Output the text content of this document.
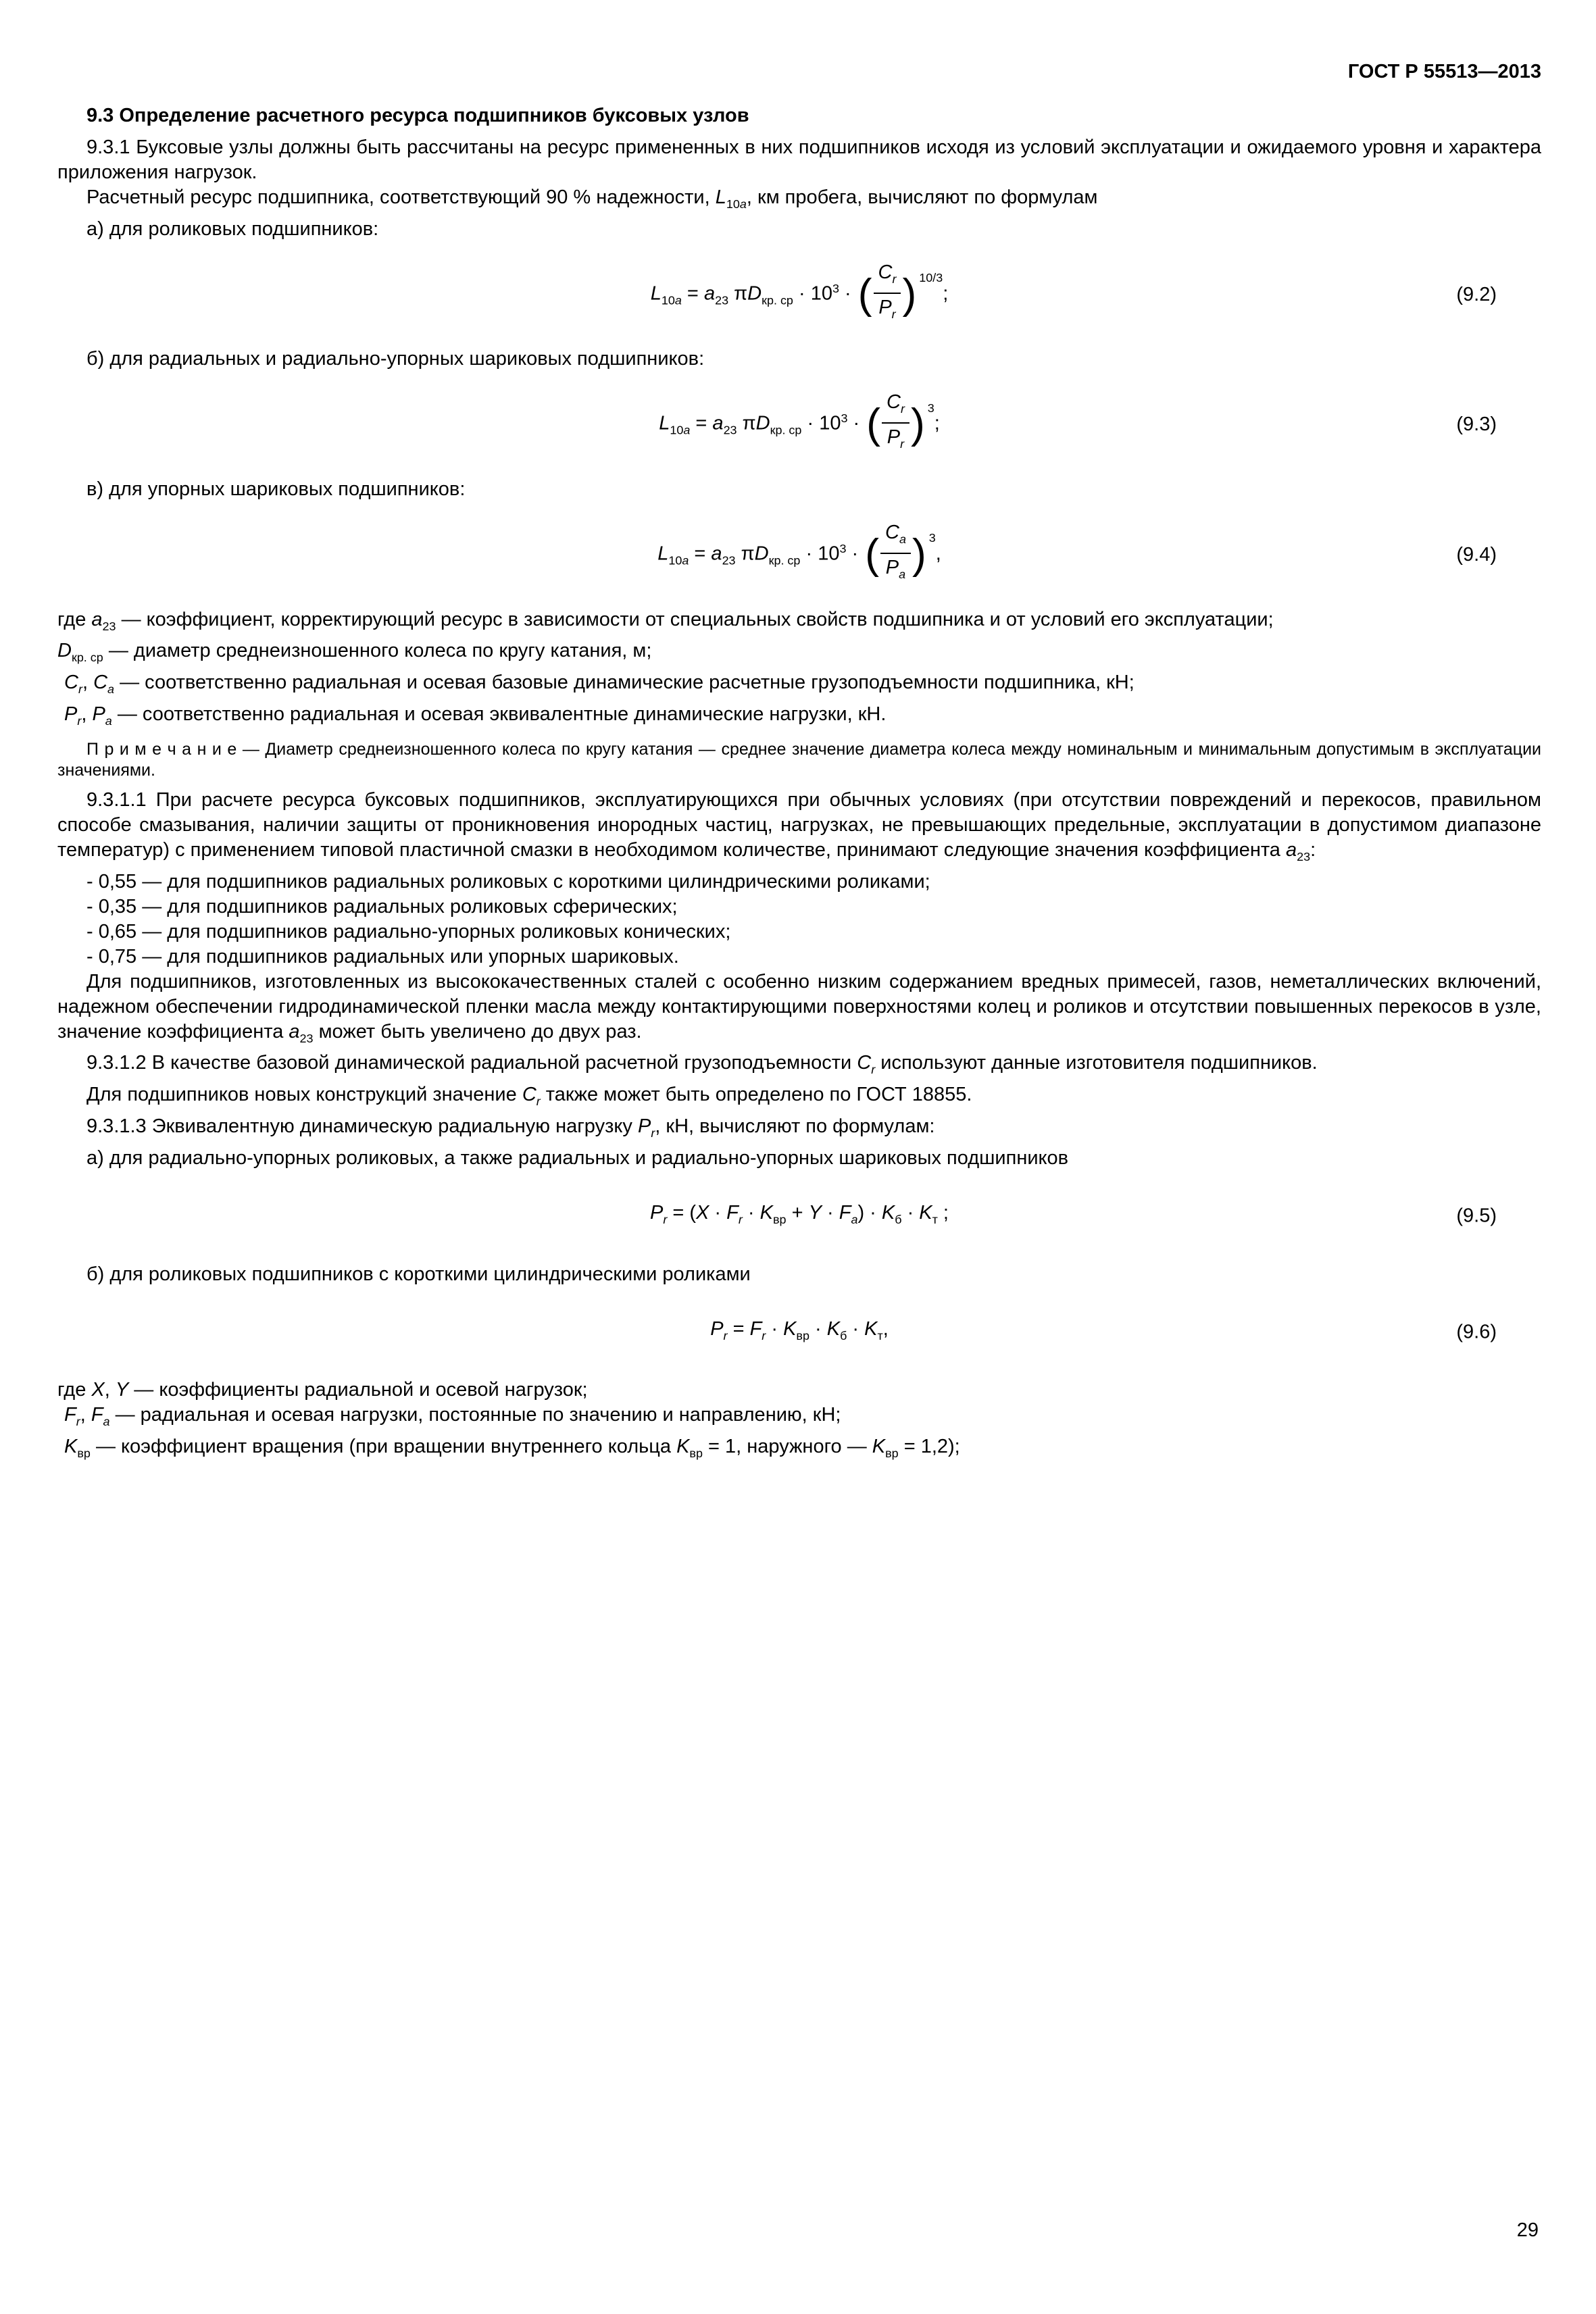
ГОСТ Р 55513—2013
9.3 Определение расчетного ресурса подшипников буксовых узлов

9.3.1 Буксовые узлы должны быть рассчитаны на ресурс примененных в них подшипников исходя из условий эксплуатации и ожидаемого уровня и характера приложения нагрузок.

Расчетный ресурс подшипника, соответствующий 90 % надежности, $L_{10a}$, км пробега, вычисляют по формулам

а) для роликовых подшипников:

$L_{10a} = a_{23}$ $\pi D_{кр. ср} \cdot 10^3$ · ( $\frac{C_r}{P_r}$ ) $^{10/3}$;	(9.2)

б) для радиальных и радиально-упорных шариковых подшипников:

$L_{10a} = a_{23}$ $\pi D_{кр. ср} \cdot 10^3$ · ( $\frac{C_r}{P_r}$ ) $^3$;	(9.3)

в) для упорных шариковых подшипников:

$L_{10a} = a_{23}$ $\pi D_{кр. ср} \cdot 10^3$ · ( $\frac{C_a}{P_a}$ ) $^3$,	(9.4)

где $a_{23}$ — коэффициент, корректирующий ресурс в зависимости от специальных свойств подшипника и от условий его эксплуатации;

$D_{кр. ср}$ — диаметр среднеизношенного колеса по кругу катания, м;

$C_r$, $C_a$ — соответственно радиальная и осевая базовые динамические расчетные грузоподъемности подшипника, кН;

$P_r$, $P_a$ — соответственно радиальная и осевая эквивалентные динамические нагрузки, кН.

П р и м е ч а н и е — Диаметр среднеизношенного колеса по кругу катания — среднее значение диаметра колеса между номинальным и минимальным допустимым в эксплуатации значениями.

9.3.1.1 При расчете ресурса буксовых подшипников, эксплуатирующихся при обычных условиях (при отсутствии повреждений и перекосов, правильном способе смазывания, наличии защиты от проникновения инородных частиц, нагрузках, не превышающих предельные, эксплуатации в допустимом диапазоне температур) с применением типовой пластичной смазки в необходимом количестве, принимают следующие значения коэффициента $a_{23}$:

- 0,55 — для подшипников радиальных роликовых с короткими цилиндрическими роликами;

- 0,35 — для подшипников радиальных роликовых сферических;

- 0,65 — для подшипников радиально-упорных роликовых конических;

- 0,75 — для подшипников радиальных или упорных шариковых.

Для подшипников, изготовленных из высококачественных сталей с особенно низким содержанием вредных примесей, газов, неметаллических включений, надежном обеспечении гидродинамической пленки масла между контактирующими поверхностями колец и роликов и отсутствии повышенных перекосов в узле, значение коэффициента $a_{23}$ может быть увеличено до двух раз.

9.3.1.2 В качестве базовой динамической радиальной расчетной грузоподъемности $C_r$ используют данные изготовителя подшипников.

Для подшипников новых конструкций значение $C_r$ также может быть определено по ГОСТ 18855.

9.3.1.3 Эквивалентную динамическую радиальную нагрузку $P_r$, кН, вычисляют по формулам:

а) для радиально-упорных роликовых, а также радиальных и радиально-упорных шариковых подшипников

$P_r = (X \cdot F_r \cdot K_{вр} + Y \cdot F_a) \cdot K_б \cdot K_т$ ;	(9.5)

б) для роликовых подшипников с короткими цилиндрическими роликами

$P_r = F_r \cdot K_{вр} \cdot K_б \cdot K_т$,	(9.6)

где X, Y — коэффициенты радиальной и осевой нагрузок;

$F_r$, $F_a$ — радиальная и осевая нагрузки, постоянные по значению и направлению, кН;

$K_{вр}$ — коэффициент вращения (при вращении внутреннего кольца $K_{вр} = 1$, наружного — $K_{вр} = 1,2$);

29
